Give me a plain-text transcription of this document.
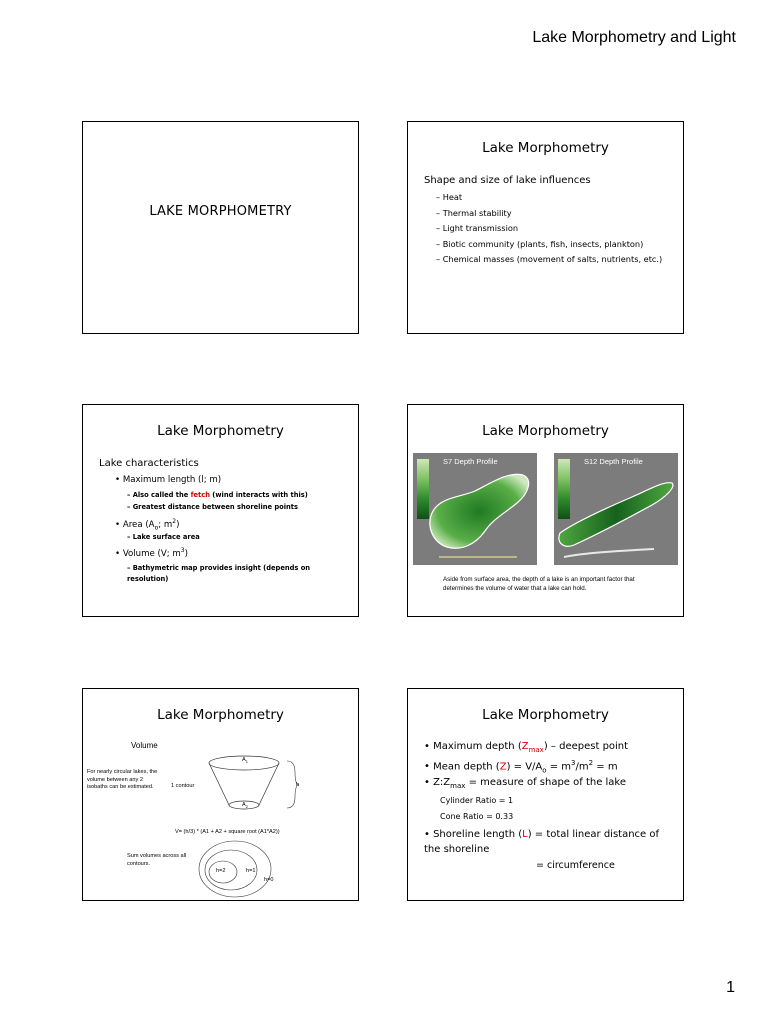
Lake Morphometry and Light
LAKE MORPHOMETRY
Lake Morphometry
Shape and size of lake influences
– Heat
– Thermal stability
– Light transmission
– Biotic community (plants, fish, insects, plankton)
– Chemical masses (movement of salts, nutrients, etc.)
Lake Morphometry
Lake characteristics
• Maximum length (l; m)
– Also called the fetch (wind interacts with this)
– Greatest distance between shoreline points
• Area ($A_o$; $m^2$)
– Lake surface area
• Volume (V; $m^3$)
– Bathymetric map provides insight (depends on resolution)
Lake Morphometry
S7 Depth Profile	S12 Depth Profile
Aside from surface area, the depth of a lake is an important factor that determines the volume of water that a lake can hold.
Lake Morphometry
Volume
For nearly circular lakes, the volume between any 2 isobaths can be estimated.	1 contour
$A_1$
$A_2$
h
V= (h/3) * (A1 + A2 + square root (A1*A2))
Sum volumes across all contours.
h=2	h=1
h=0
Lake Morphometry
• Maximum depth $(Z_{max})$ – deepest point
• Mean depth $(Z) = V/A_o = m^3/m^2 = m$
• $Z:Z_{max}$ = measure of shape of the lake
Cylinder Ratio = 1
Cone Ratio = 0.33
• Shoreline length (L) = total linear distance of the shoreline
= circumference
1
